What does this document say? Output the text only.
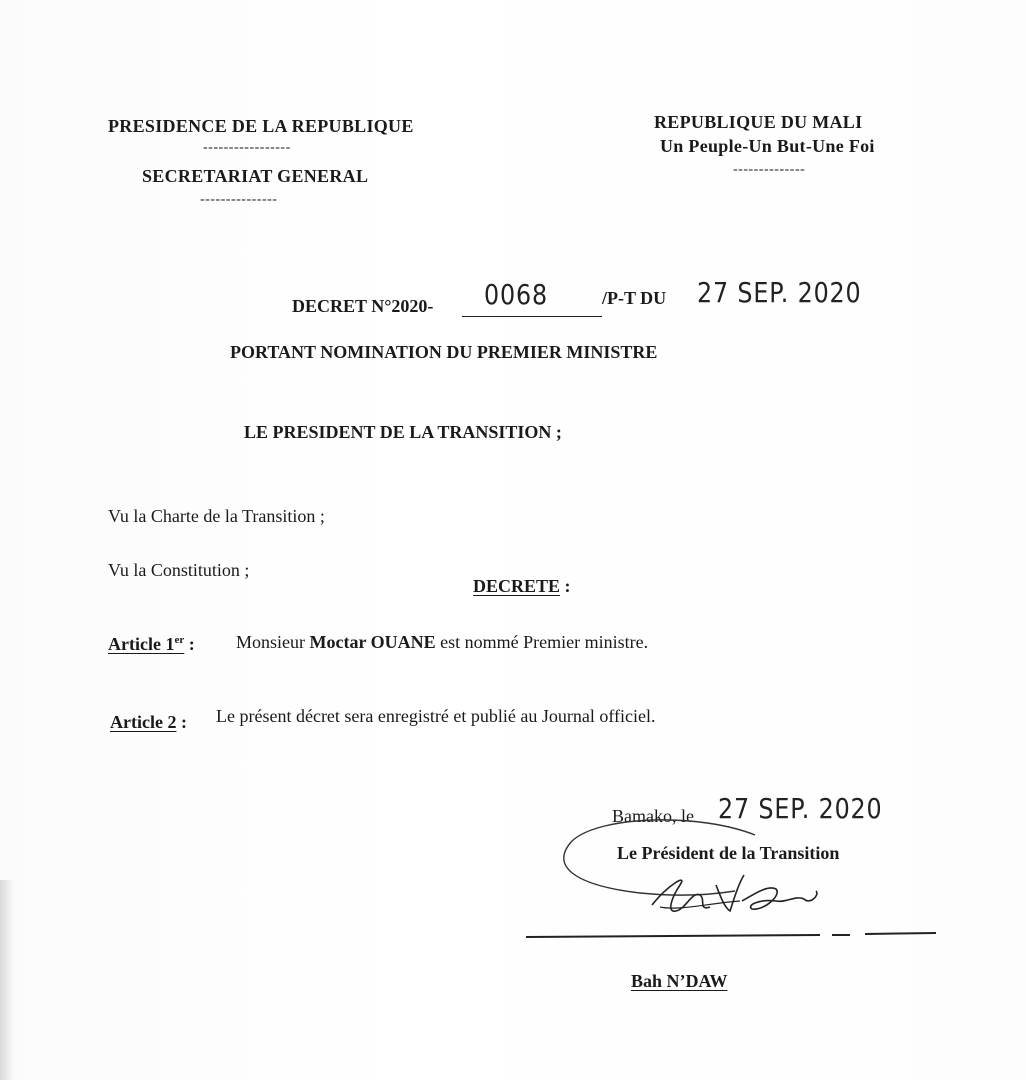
PRESIDENCE DE LA REPUBLIQUE
-----------------
SECRETARIAT GENERAL
---------------
REPUBLIQUE DU MALI
Un Peuple-Un But-Une Foi
--------------
DECRET N°2020- 0068	/P-T DU 27 SEP. 2020
PORTANT NOMINATION DU PREMIER MINISTRE
LE PRESIDENT DE LA TRANSITION ;
Vu la Charte de la Transition ;
Vu la Constitution ;
DECRETE :
Article 1er : Monsieur Moctar OUANE est nommé Premier ministre.
Article 2 : Le présent décret sera enregistré et publié au Journal officiel.
Bamako, le 27 SEP. 2020
Le Président de la Transition
Bah N’DAW
